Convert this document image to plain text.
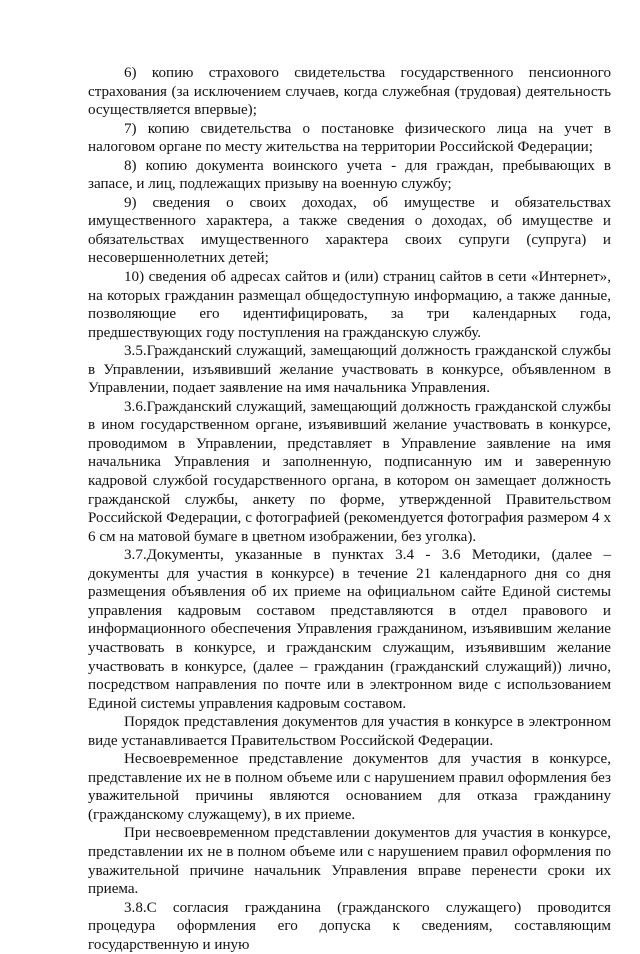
6) копию страхового свидетельства государственного пенсионного страхования (за исключением случаев, когда служебная (трудовая) деятельность осуществляется впервые);

7) копию свидетельства о постановке физического лица на учет в налоговом органе по месту жительства на территории Российской Федерации;

8) копию документа воинского учета - для граждан, пребывающих в запасе, и лиц, подлежащих призыву на военную службу;

9) сведения о своих доходах, об имуществе и обязательствах имущественного характера, а также сведения о доходах, об имуществе и обязательствах имущественного характера своих супруги (супруга) и несовершеннолетних детей;

10) сведения об адресах сайтов и (или) страниц сайтов в сети «Интернет», на которых гражданин размещал общедоступную информацию, а также данные, позволяющие его идентифицировать, за три календарных года, предшествующих году поступления на гражданскую службу.

3.5.Гражданский служащий, замещающий должность гражданской службы в Управлении, изъявивший желание участвовать в конкурсе, объявленном в Управлении, подает заявление на имя начальника Управления.

3.6.Гражданский служащий, замещающий должность гражданской службы в ином государственном органе, изъявивший желание участвовать в конкурсе, проводимом в Управлении, представляет в Управление заявление на имя начальника Управления и заполненную, подписанную им и заверенную кадровой службой государственного органа, в котором он замещает должность гражданской службы, анкету по форме, утвержденной Правительством Российской Федерации, с фотографией (рекомендуется фотография размером 4 х 6 см на матовой бумаге в цветном изображении, без уголка).

3.7.Документы, указанные в пунктах 3.4 - 3.6 Методики, (далее – документы для участия в конкурсе) в течение 21 календарного дня со дня размещения объявления об их приеме на официальном сайте Единой системы управления кадровым составом представляются в отдел правового и информационного обеспечения Управления гражданином, изъявившим желание участвовать в конкурсе, и гражданским служащим, изъявившим желание участвовать в конкурсе, (далее – гражданин (гражданский служащий)) лично, посредством направления по почте или в электронном виде с использованием Единой системы управления кадровым составом.

Порядок представления документов для участия в конкурсе в электронном виде устанавливается Правительством Российской Федерации.

Несвоевременное представление документов для участия в конкурсе, представление их не в полном объеме или с нарушением правил оформления без уважительной причины являются основанием для отказа гражданину (гражданскому служащему), в их приеме.

При несвоевременном представлении документов для участия в конкурсе, представлении их не в полном объеме или с нарушением правил оформления по уважительной причине начальник Управления вправе перенести сроки их приема.

3.8.С согласия гражданина (гражданского служащего) проводится процедура оформления его допуска к сведениям, составляющим государственную и иную
